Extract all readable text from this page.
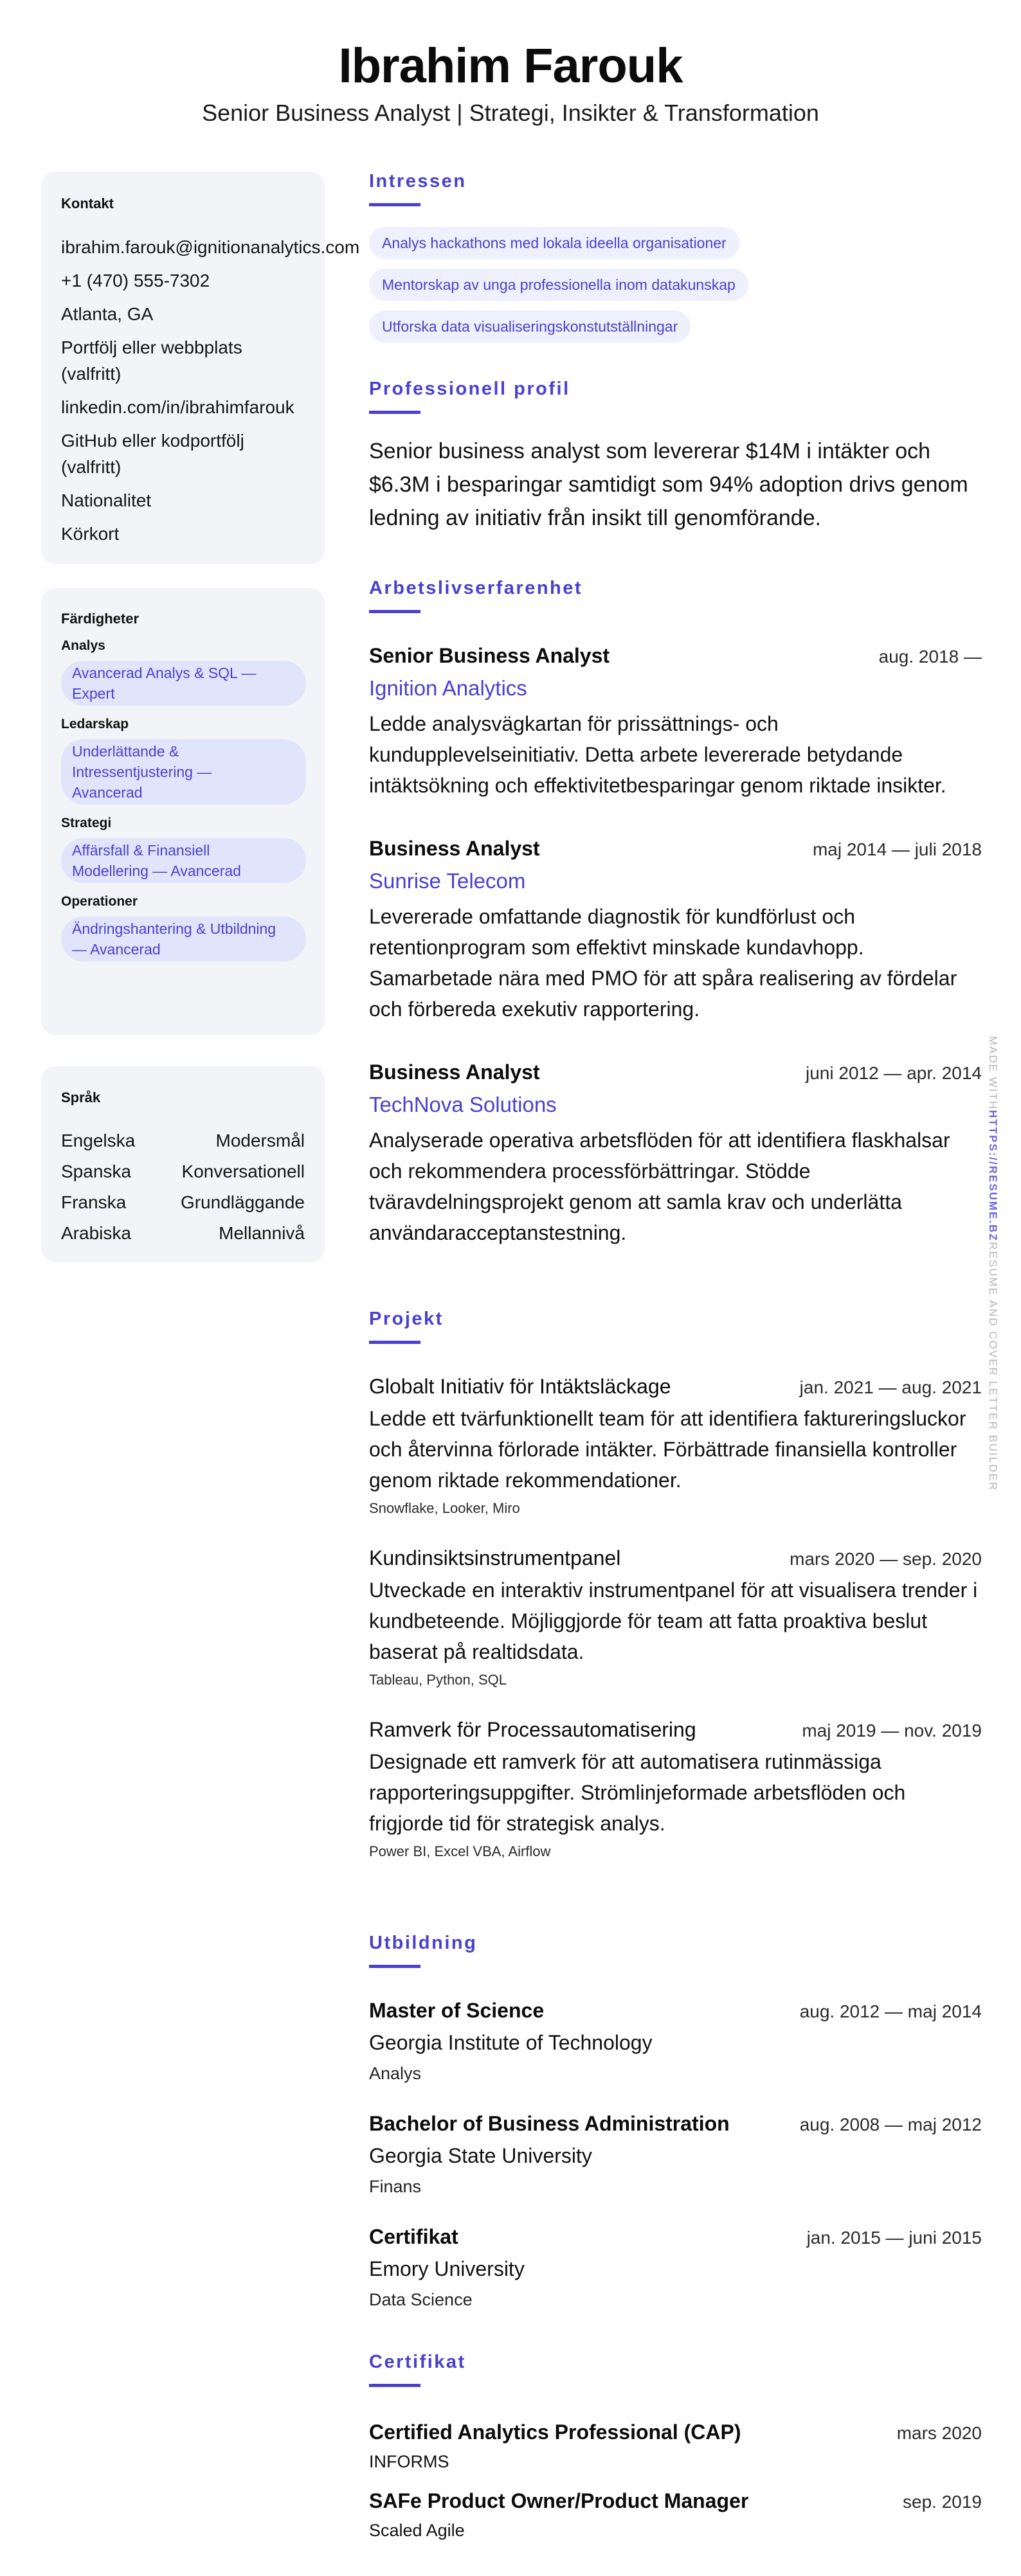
Ibrahim Farouk
Senior Business Analyst | Strategi, Insikter & Transformation
Kontakt
ibrahim.farouk@ignitionanalytics.com
+1 (470) 555-7302
Atlanta, GA
Portfölj eller webbplats (valfritt)
linkedin.com/in/ibrahimfarouk
GitHub eller kodportfölj (valfritt)
Nationalitet
Körkort
Färdigheter
Analys
Avancerad Analys & SQL — Expert
Ledarskap
Underlättande & Intressentjustering — Avancerad
Strategi
Affärsfall & Finansiell Modellering — Avancerad
Operationer
Ändringshantering & Utbildning — Avancerad
Språk
Engelska	Modersmål
Spanska	Konversationell
Franska	Grundläggande
Arabiska	Mellannivå
Intressen
Analys hackathons med lokala ideella organisationer
Mentorskap av unga professionella inom datakunskap
Utforska data visualiseringskonstutställningar
Professionell profil
Senior business analyst som levererar $14M i intäkter och $6.3M i besparingar samtidigt som 94% adoption drivs genom ledning av initiativ från insikt till genomförande.
Arbetslivserfarenhet
Senior Business Analyst	aug. 2018 —
Ignition Analytics
Ledde analysvägkartan för prissättnings- och kundupplevelseinitiativ. Detta arbete levererade betydande intäktsökning och effektivitetbesparingar genom riktade insikter.
Business Analyst	maj 2014 — juli 2018
Sunrise Telecom
Levererade omfattande diagnostik för kundförlust och retentionprogram som effektivt minskade kundavhopp. Samarbetade nära med PMO för att spåra realisering av fördelar och förbereda exekutiv rapportering.
Business Analyst	juni 2012 — apr. 2014
TechNova Solutions
Analyserade operativa arbetsflöden för att identifiera flaskhalsar och rekommendera processförbättringar. Stödde tväravdelningsprojekt genom att samla krav och underlätta användaracceptanstestning.
Projekt
Globalt Initiativ för Intäktsläckage	jan. 2021 — aug. 2021
Ledde ett tvärfunktionellt team för att identifiera faktureringsluckor och återvinna förlorade intäkter. Förbättrade finansiella kontroller genom riktade rekommendationer.
Snowflake, Looker, Miro
Kundinsiktsinstrumentpanel	mars 2020 — sep. 2020
Utveckade en interaktiv instrumentpanel för att visualisera trender i kundbeteende. Möjliggjorde för team att fatta proaktiva beslut baserat på realtidsdata.
Tableau, Python, SQL
Ramverk för Processautomatisering	maj 2019 — nov. 2019
Designade ett ramverk för att automatisera rutinmässiga rapporteringsuppgifter. Strömlinjeformade arbetsflöden och frigjorde tid för strategisk analys.
Power BI, Excel VBA, Airflow
Utbildning
Master of Science	aug. 2012 — maj 2014
Georgia Institute of Technology
Analys
Bachelor of Business Administration	aug. 2008 — maj 2012
Georgia State University
Finans
Certifikat	jan. 2015 — juni 2015
Emory University
Data Science
Certifikat
Certified Analytics Professional (CAP)	mars 2020
INFORMS
SAFe Product Owner/Product Manager	sep. 2019
Scaled Agile
MADE WITHHTTPS://RESUME.BZRESUME AND COVER LETTER BUILDER
